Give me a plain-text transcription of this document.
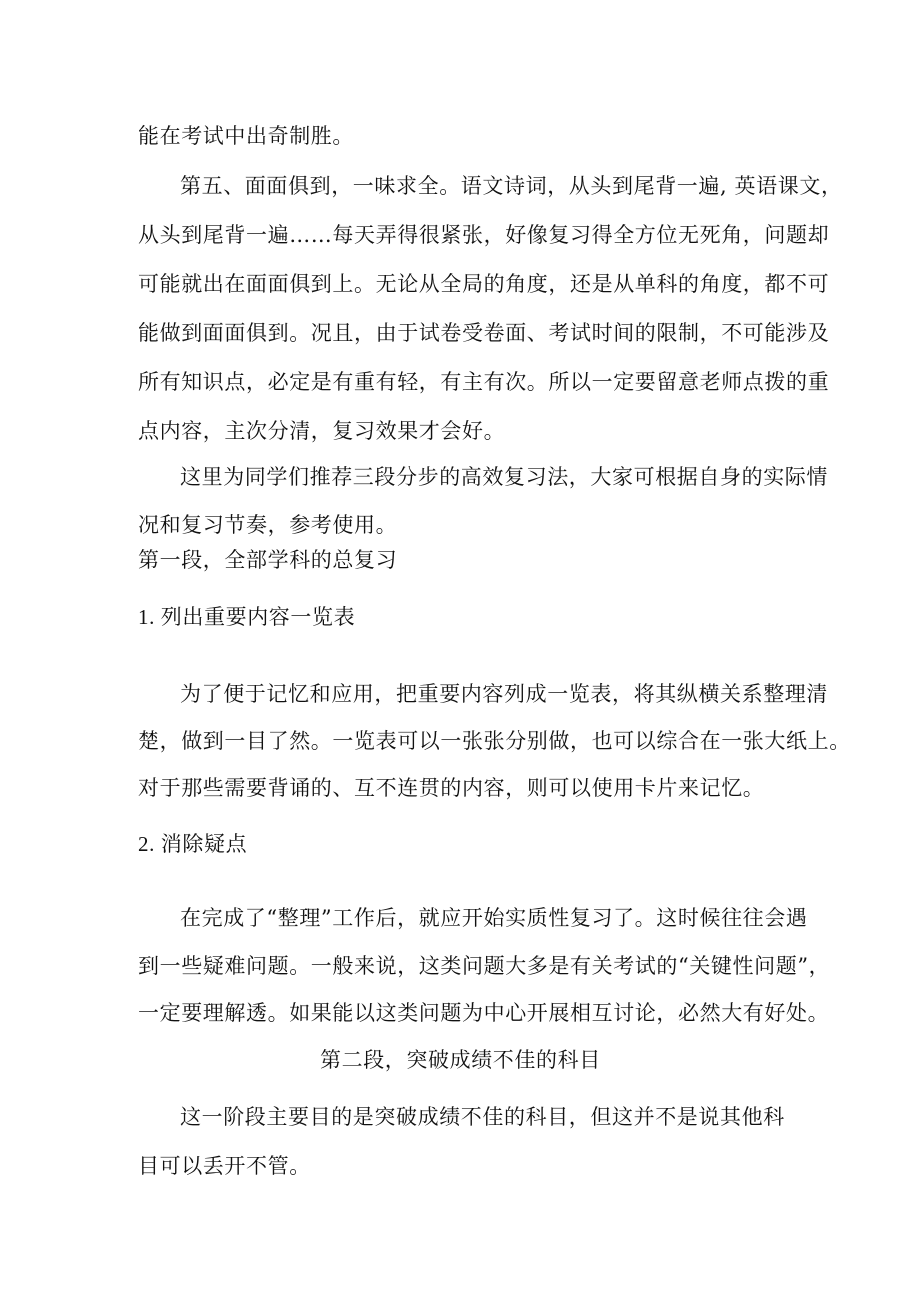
能在考试中出奇制胜。
第五、面面俱到，一味求全。语文诗词，从头到尾背一遍, 英语课文，
从头到尾背一遍……每天弄得很紧张，好像复习得全方位无死角，问题却
可能就出在面面俱到上。无论从全局的角度，还是从单科的角度，都不可
能做到面面俱到。况且，由于试卷受卷面、考试时间的限制，不可能涉及
所有知识点，必定是有重有轻，有主有次。所以一定要留意老师点拨的重
点内容，主次分清，复习效果才会好。
这里为同学们推荐三段分步的高效复习法，大家可根据自身的实际情
况和复习节奏，参考使用。
第一段，全部学科的总复习
1. 列出重要内容一览表
为了便于记忆和应用，把重要内容列成一览表，将其纵横关系整理清
楚，做到一目了然。一览表可以一张张分别做，也可以综合在一张大纸上。
对于那些需要背诵的、互不连贯的内容，则可以使用卡片来记忆。
2. 消除疑点
在完成了“整理”工作后，就应开始实质性复习了。这时候往往会遇
到一些疑难问题。一般来说，这类问题大多是有关考试的“关键性问题”，
一定要理解透。如果能以这类问题为中心开展相互讨论，必然大有好处。
第二段，突破成绩不佳的科目
这一阶段主要目的是突破成绩不佳的科目，但这并不是说其他科
目可以丢开不管。
